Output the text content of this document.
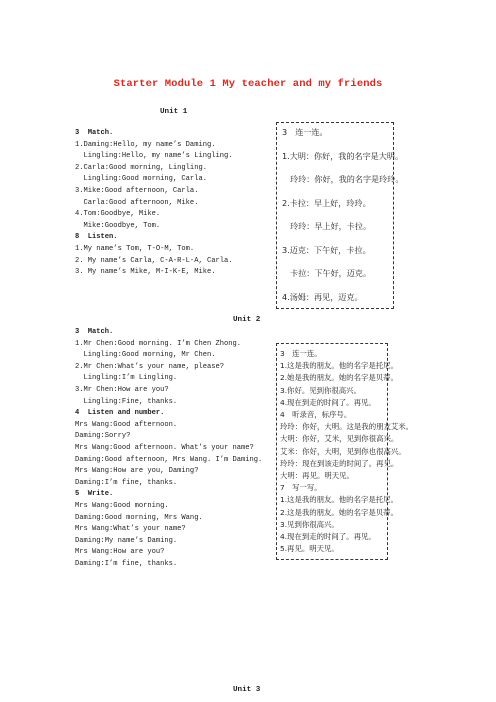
Starter Module 1 My teacher and my friends
Unit 1
3  Match.
1.Daming:Hello, my name’s Daming.
Lingling:Hello, my name’s Lingling.
2.Carla:Good morning, Lingling.
Lingling:Good morning, Carla.
3.Mike:Good afternoon, Carla.
Carla:Good afternoon, Mike.
4.Tom:Goodbye, Mike.
Mike:Goodbye, Tom.
8  Listen.
1.My name’s Tom, T-O-M, Tom.
2. My name’s Carla, C-A-R-L-A, Carla.
3. My name’s Mike, M-I-K-E, Mike.
Unit 2
3  Match.
1.Mr Chen:Good morning. I’m Chen Zhong.
Lingling:Good morning, Mr Chen.
2.Mr Chen:What’s your name, please?
Lingling:I’m Lingling.
3.Mr Chen:How are you?
Lingling:Fine, thanks.
4  Listen and number.
Mrs Wang:Good afternoon.
Daming:Sorry?
Mrs Wang:Good afternoon. What’s your name?
Daming:Good afternoon, Mrs Wang. I’m Daming.
Mrs Wang:How are you, Daming?
Daming:I’m fine, thanks.
5  Write.
Mrs Wang:Good morning.
Daming:Good morning, Mrs Wang.
Mrs Wang:What’s your name?
Daming:My name’s Daming.
Mrs Wang:How are you?
Daming:I’m fine, thanks.
Unit 3
3　连一连。
1.大明：你好，我的名字是大明。
　玲玲：你好，我的名字是玲玲。
2.卡拉：早上好，玲玲。
　玲玲：早上好，卡拉。
3.迈克：下午好，卡拉。
　卡拉：下午好，迈克。
4.汤姆：再见，迈克。
3　连一连。
1.这是我的朋友。他的名字是托尼。
2.她是我的朋友。她的名字是贝蒂。
3.你好。见到你很高兴。
4.现在到走的时间了。再见。
4　听录音，标序号。
玲玲：你好，大明。这是我的朋友艾米。
大明：你好，艾米，见到你很高兴。
艾米：你好，大明，见到你也很高兴。
玲玲：现在到该走的时间了。再见。
大明：再见。明天见。
7　写一写。
1.这是我的朋友。他的名字是托尼。
2.这是我的朋友。她的名字是贝蒂。
3.见到你很高兴。
4.现在到走的时间了。再见。
5.再见。明天见。
